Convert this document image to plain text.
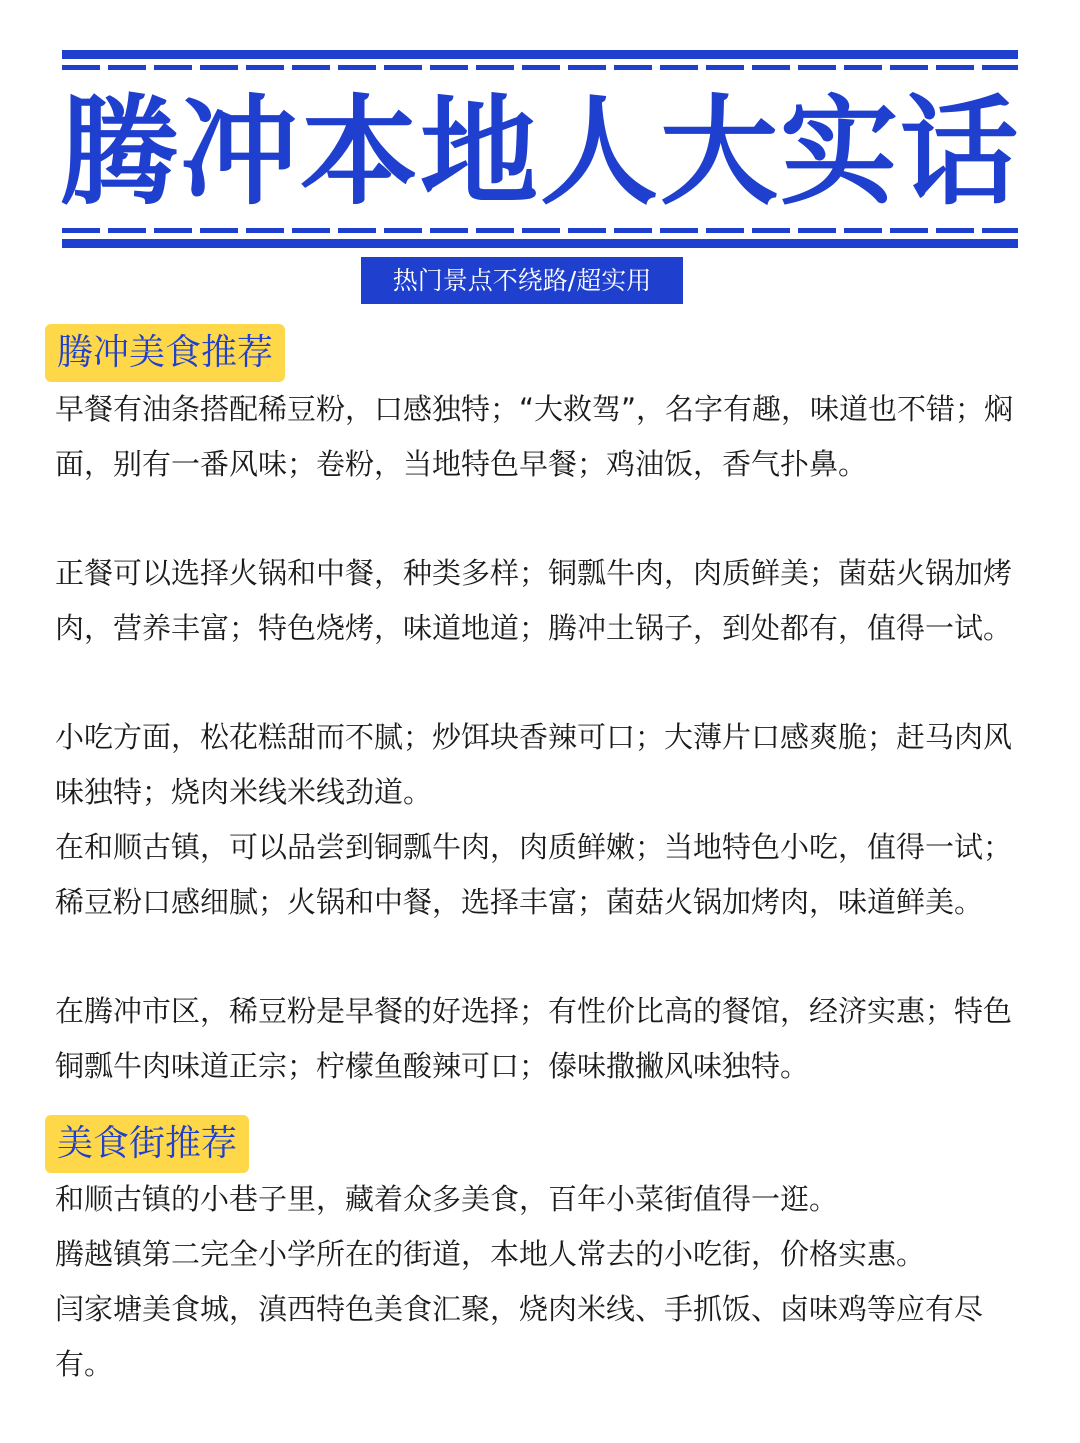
腾冲本地人大实话
热门景点不绕路/超实用
腾冲美食推荐

早餐有油条搭配稀豆粉，口感独特；“大救驾”，名字有趣，味道也不错；焖面，别有一番风味；卷粉，当地特色早餐；鸡油饭，香气扑鼻。

正餐可以选择火锅和中餐，种类多样；铜瓢牛肉，肉质鲜美；菌菇火锅加烤肉，营养丰富；特色烧烤，味道地道；腾冲土锅子，到处都有，值得一试。

小吃方面，松花糕甜而不腻；炒饵块香辣可口；大薄片口感爽脆；赶马肉风味独特；烧肉米线米线劲道。

在和顺古镇，可以品尝到铜瓢牛肉，肉质鲜嫩；当地特色小吃，值得一试；稀豆粉口感细腻；火锅和中餐，选择丰富；菌菇火锅加烤肉，味道鲜美。

在腾冲市区，稀豆粉是早餐的好选择；有性价比高的餐馆，经济实惠；特色铜瓢牛肉味道正宗；柠檬鱼酸辣可口；傣味撒撇风味独特。

美食街推荐

和顺古镇的小巷子里，藏着众多美食，百年小菜街值得一逛。

腾越镇第二完全小学所在的街道，本地人常去的小吃街，价格实惠。

闫家塘美食城，滇西特色美食汇聚，烧肉米线、手抓饭、卤味鸡等应有尽有。
